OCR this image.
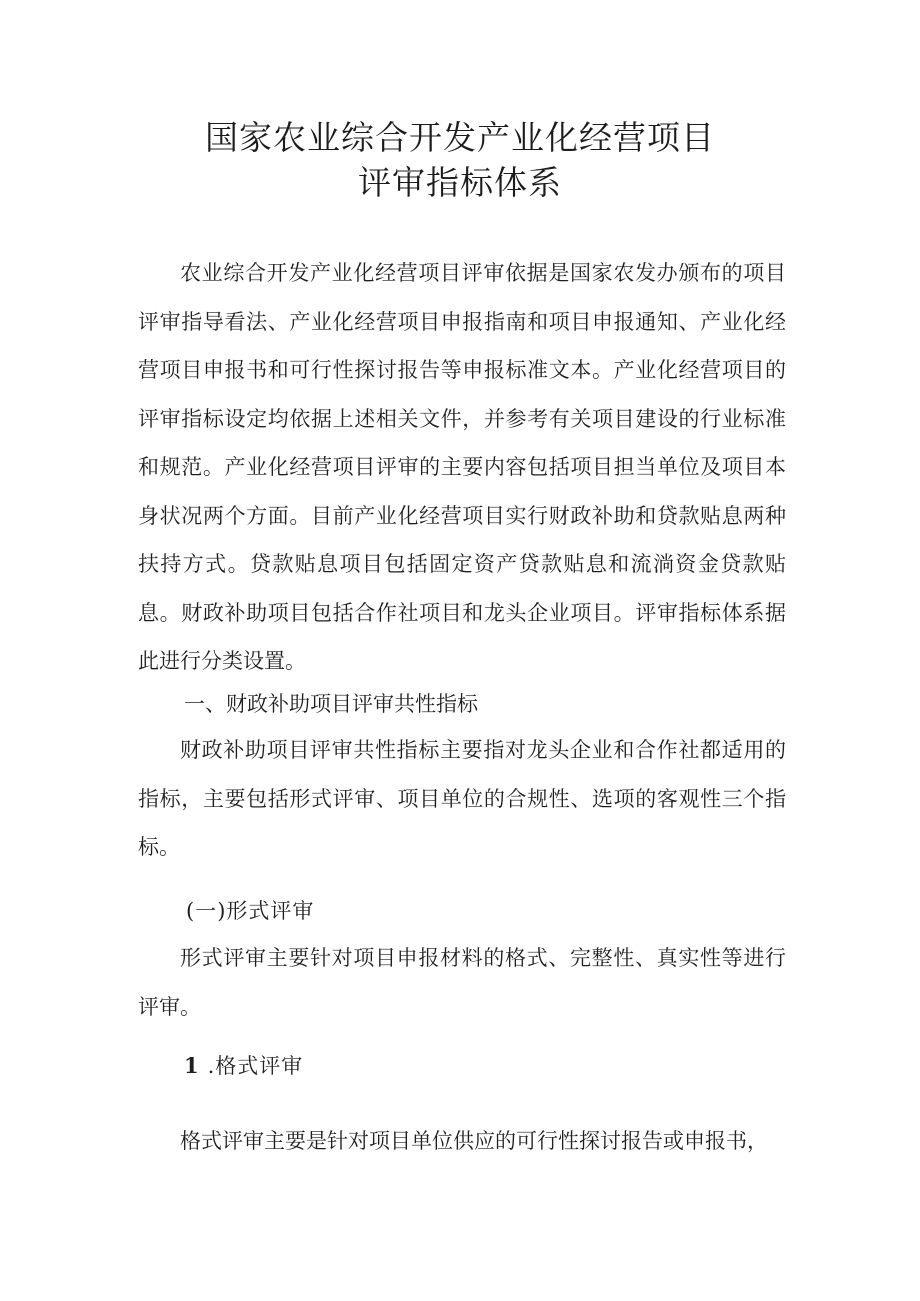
国家农业综合开发产业化经营项目
评审指标体系

农业综合开发产业化经营项目评审依据是国家农发办颁布的项目评审指导看法、产业化经营项目申报指南和项目申报通知、产业化经营项目申报书和可行性探讨报告等申报标准文本。产业化经营项目的评审指标设定均依据上述相关文件，并参考有关项目建设的行业标准和规范。产业化经营项目评审的主要内容包括项目担当单位及项目本身状况两个方面。目前产业化经营项目实行财政补助和贷款贴息两种扶持方式。贷款贴息项目包括固定资产贷款贴息和流淌资金贷款贴息。财政补助项目包括合作社项目和龙头企业项目。评审指标体系据此进行分类设置。

一、财政补助项目评审共性指标

财政补助项目评审共性指标主要指对龙头企业和合作社都适用的指标，主要包括形式评审、项目单位的合规性、选项的客观性三个指标。

(一)形式评审

形式评审主要针对项目申报材料的格式、完整性、真实性等进行评审。

1 .格式评审

格式评审主要是针对项目单位供应的可行性探讨报告或申报书，
